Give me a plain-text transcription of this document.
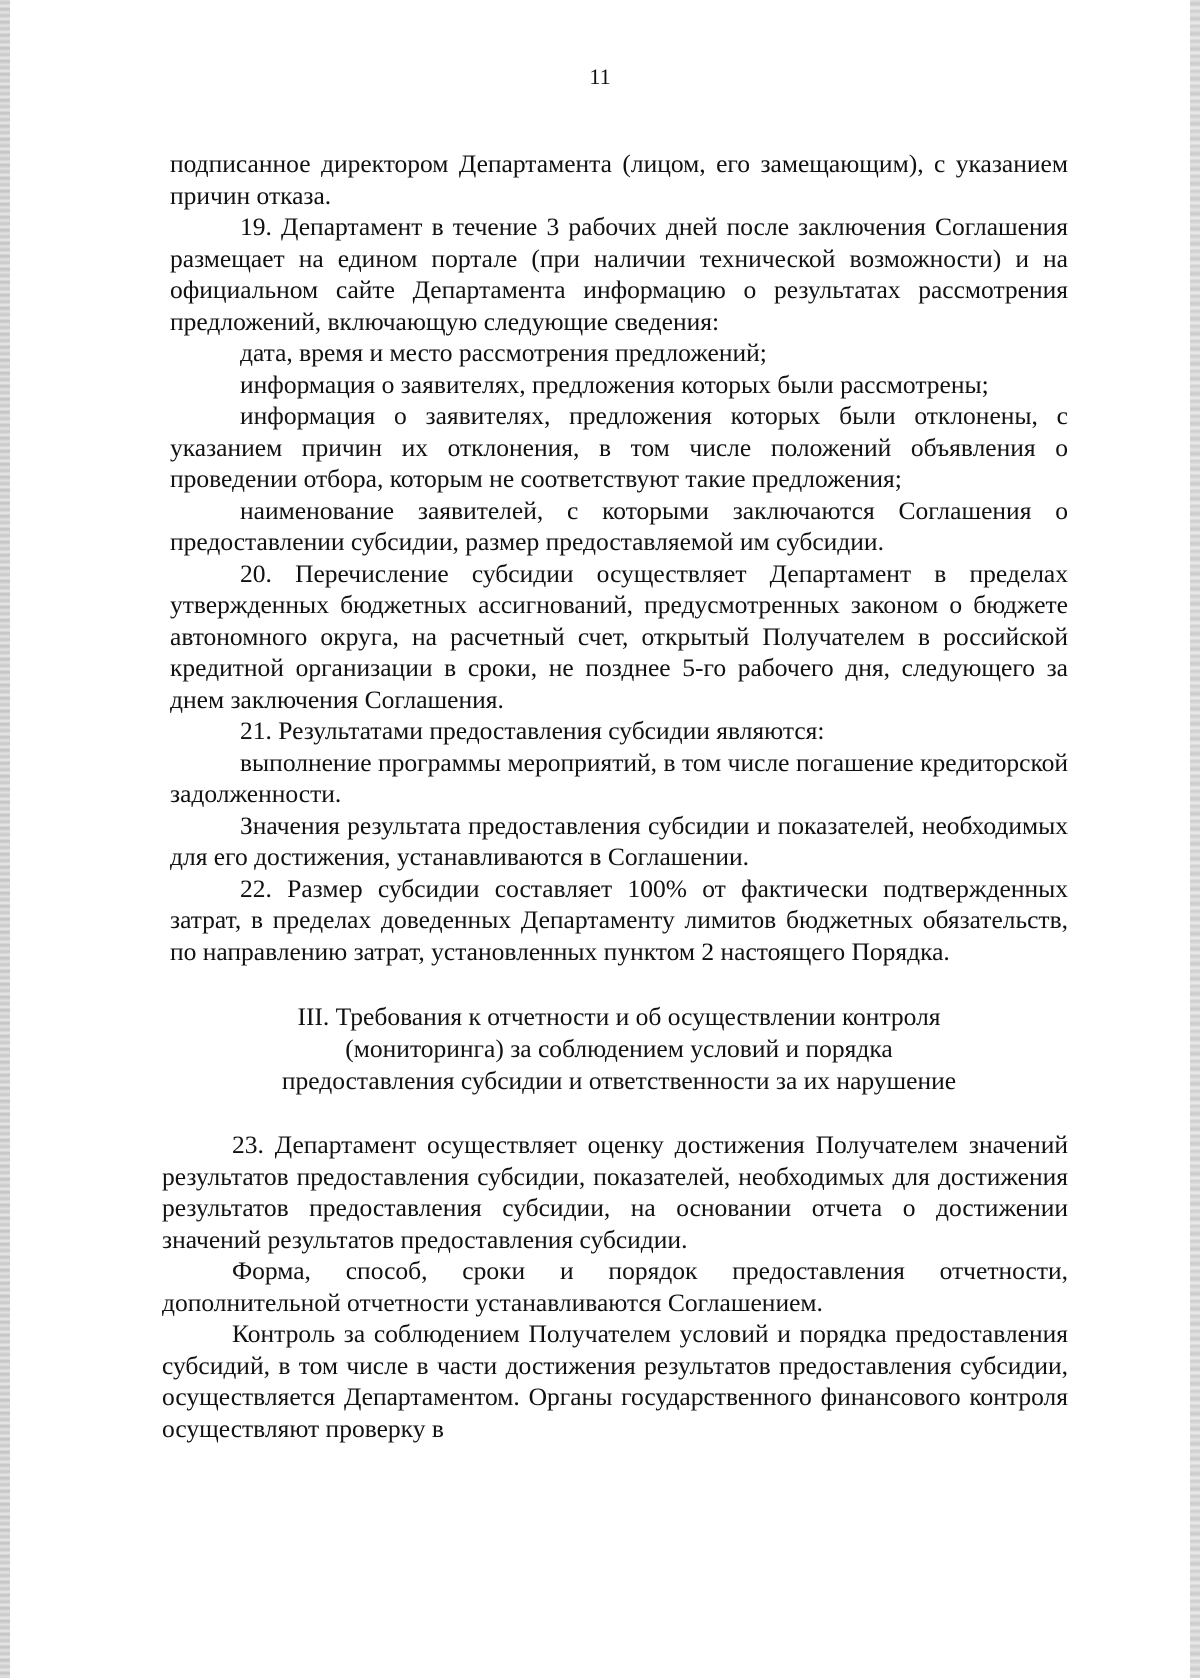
11

подписанное директором Департамента (лицом, его замещающим), с указанием причин отказа.

19. Департамент в течение 3 рабочих дней после заключения Соглашения размещает на едином портале (при наличии технической возможности) и на официальном сайте Департамента информацию о результатах рассмотрения предложений, включающую следующие сведения:

дата, время и место рассмотрения предложений;

информация о заявителях, предложения которых были рассмотрены;

информация о заявителях, предложения которых были отклонены, с указанием причин их отклонения, в том числе положений объявления о проведении отбора, которым не соответствуют такие предложения;

наименование заявителей, с которыми заключаются Соглашения о предоставлении субсидии, размер предоставляемой им субсидии.

20. Перечисление субсидии осуществляет Департамент в пределах утвержденных бюджетных ассигнований, предусмотренных законом о бюджете автономного округа, на расчетный счет, открытый Получателем в российской кредитной организации в сроки, не позднее 5-го рабочего дня, следующего за днем заключения Соглашения.

21. Результатами предоставления субсидии являются:

выполнение программы мероприятий, в том числе погашение кредиторской задолженности.

Значения результата предоставления субсидии и показателей, необходимых для его достижения, устанавливаются в Соглашении.

22. Размер субсидии составляет 100% от фактически подтвержденных затрат, в пределах доведенных Департаменту лимитов бюджетных обязательств, по направлению затрат, установленных пунктом 2 настоящего Порядка.

III. Требования к отчетности и об осуществлении контроля
(мониторинга) за соблюдением условий и порядка
предоставления субсидии и ответственности за их нарушение

23. Департамент осуществляет оценку достижения Получателем значений результатов предоставления субсидии, показателей, необходимых для достижения результатов предоставления субсидии, на основании отчета о достижении значений результатов предоставления субсидии.

Форма, способ, сроки и порядок предоставления отчетности, дополнительной отчетности устанавливаются Соглашением.

Контроль за соблюдением Получателем условий и порядка предоставления субсидий, в том числе в части достижения результатов предоставления субсидии, осуществляется Департаментом. Органы государственного финансового контроля осуществляют проверку в
